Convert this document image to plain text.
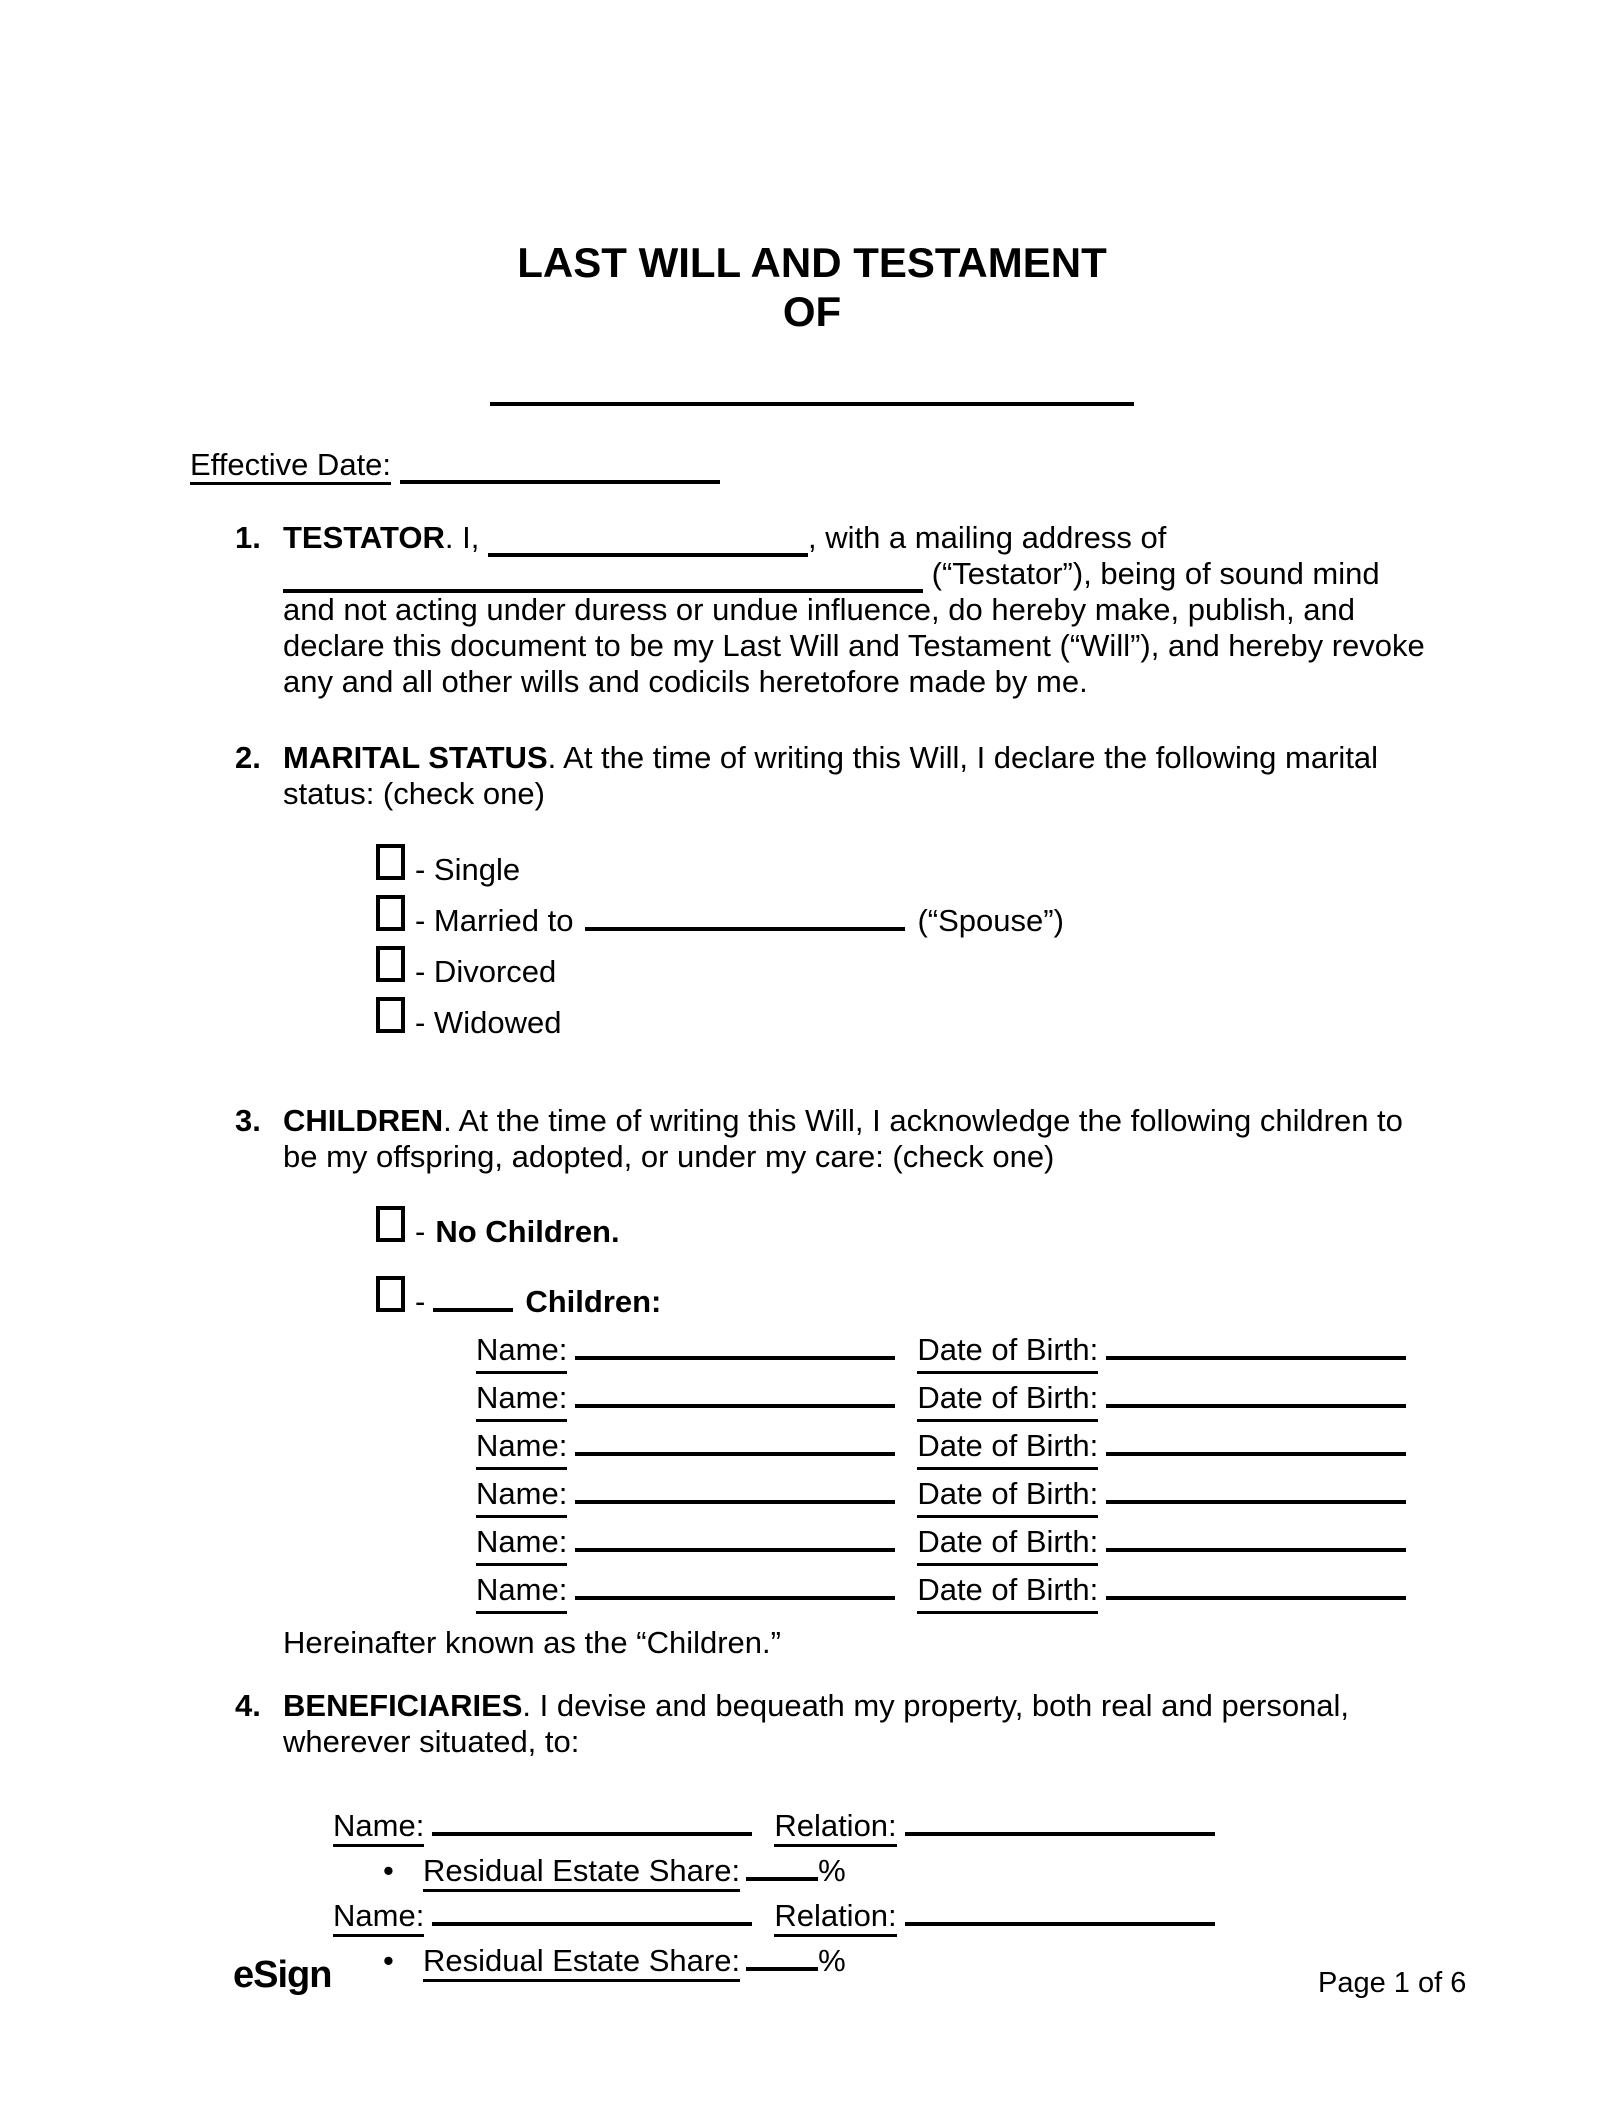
LAST WILL AND TESTAMENT
OF
Effective Date:
1. TESTATOR. I,	, with a mailing address of  (“Testator”), being of sound mind and not acting under duress or undue influence, do hereby make, publish, and declare this document to be my Last Will and Testament (“Will”), and hereby revoke any and all other wills and codicils heretofore made by me.

2. MARITAL STATUS. At the time of writing this Will, I declare the following marital status: (check one)

- Single
- Married to	(“Spouse”)
- Divorced
- Widowed
3. CHILDREN. At the time of writing this Will, I acknowledge the following children to be my offspring, adopted, or under my care: (check one)

- No Children.
-	Children:
Name:	Date of Birth:
Name:	Date of Birth:
Name:	Date of Birth:
Name:	Date of Birth:
Name:	Date of Birth:
Name:	Date of Birth:
Hereinafter known as the “Children.”
4. BENEFICIARIES. I devise and bequeath my property, both real and personal, wherever situated, to:

Name:	Relation:
• Residual Estate Share:	%
Name:	Relation:
• Residual Estate Share:	%
eSign	Page 1 of 6
